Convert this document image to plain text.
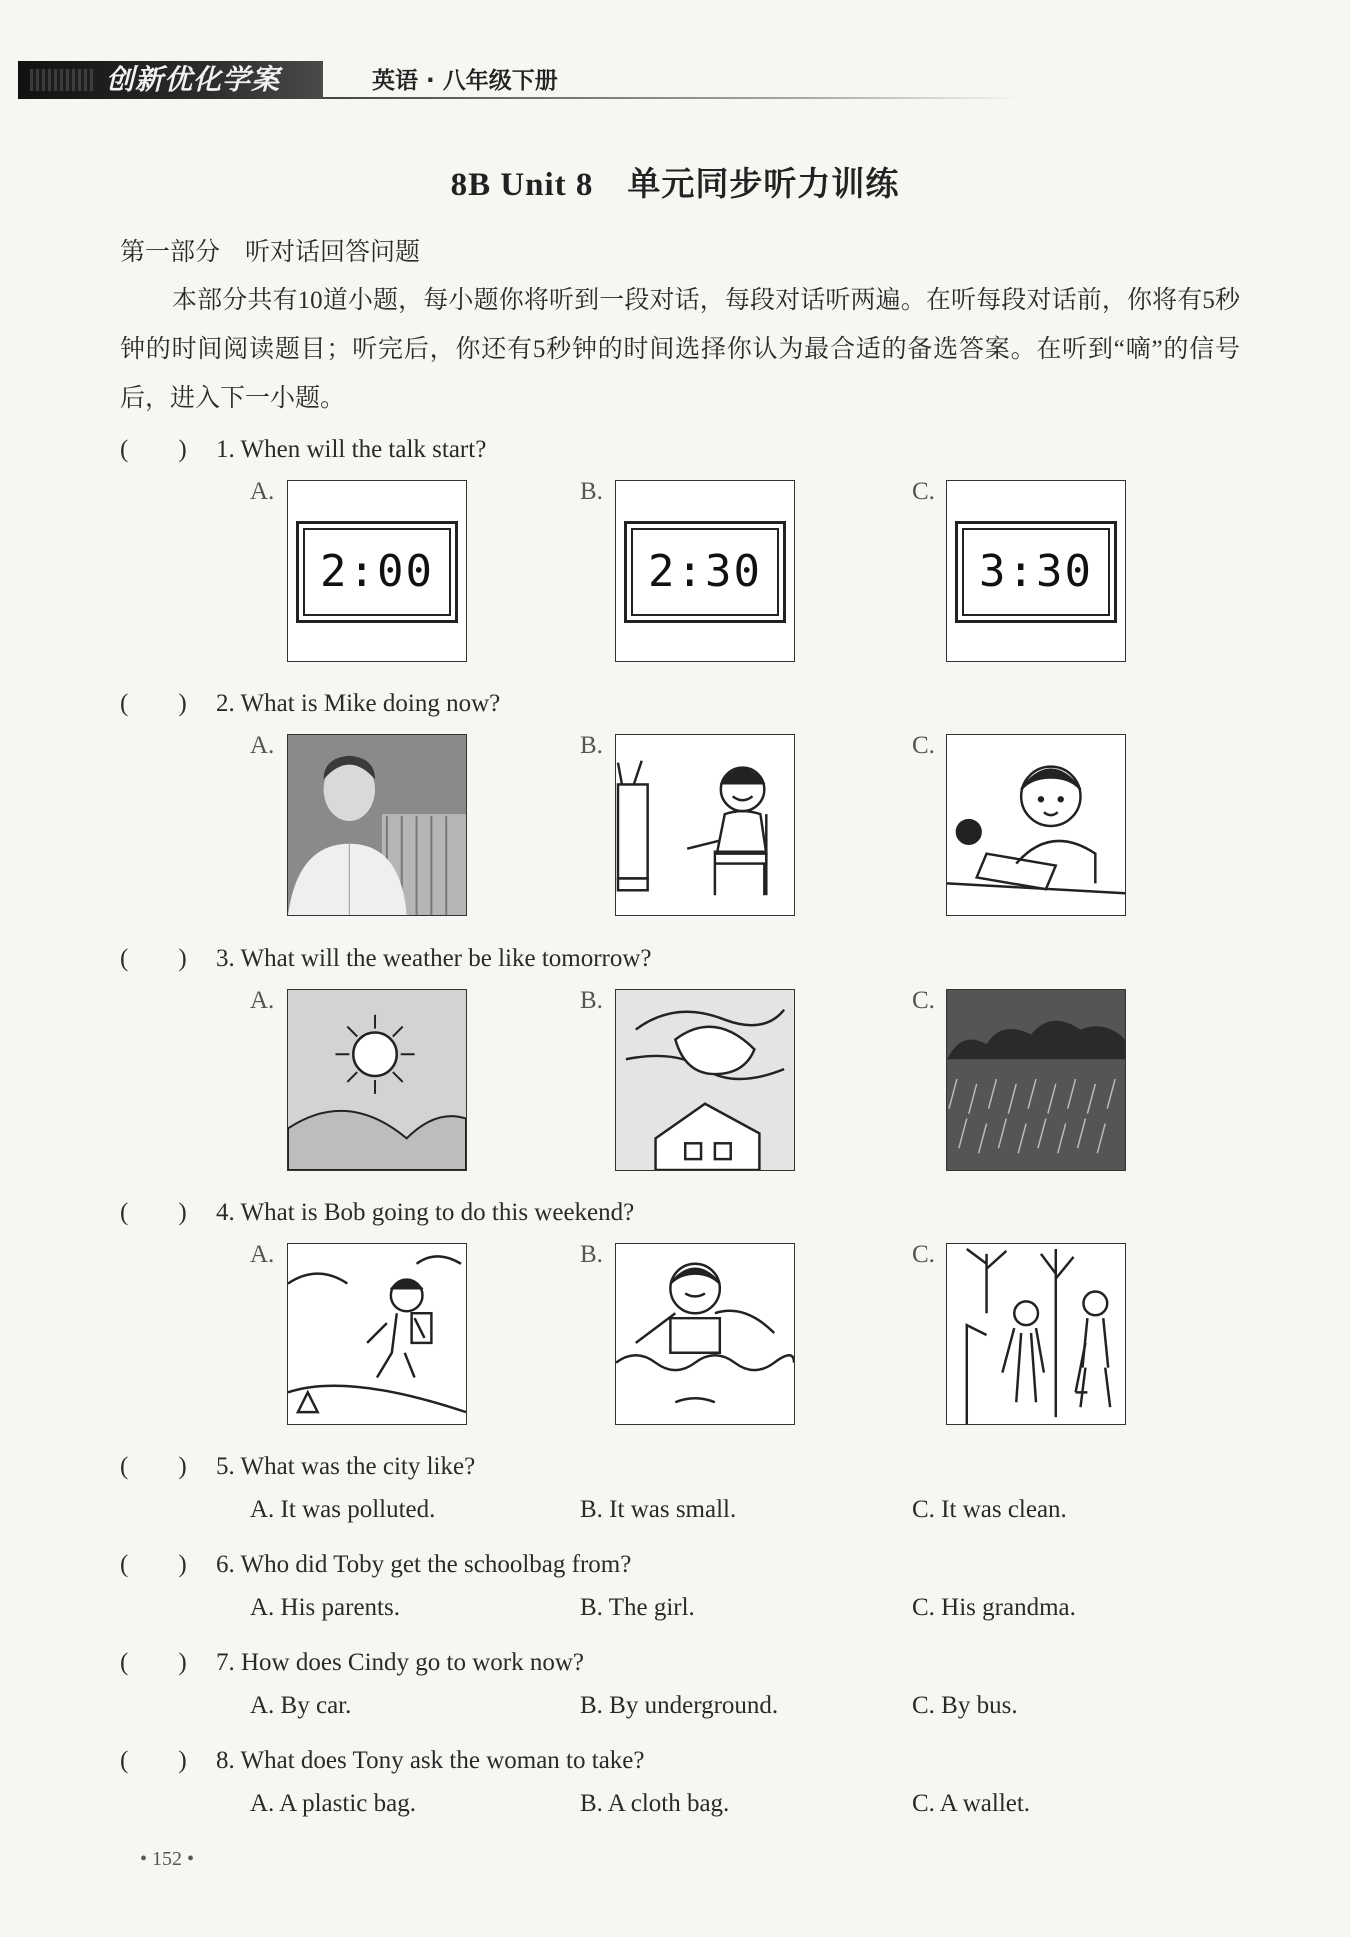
创新优化学案	英语 · 八年级下册
8B Unit 8　单元同步听力训练
第一部分　听对话回答问题
本部分共有10道小题，每小题你将听到一段对话，每段对话听两遍。在听每段对话前，你将有5秒钟的时间阅读题目；听完后，你还有5秒钟的时间选择你认为最合适的备选答案。在听到“嘀”的信号后，进入下一小题。
(　　) 1. When will the talk start?
A.	B.	C.
2:00	2:30	3:30
(　　) 2. What is Mike doing now?
A.	B.	C.
(　　) 3. What will the weather be like tomorrow?
A.	B.	C.
(　　) 4. What is Bob going to do this weekend?
A.	B.	C.
(　　) 5. What was the city like?
A. It was polluted.	B. It was small.	C. It was clean.
(　　) 6. Who did Toby get the schoolbag from?
A. His parents.	B. The girl.	C. His grandma.
(　　) 7. How does Cindy go to work now?
A. By car.	B. By underground.	C. By bus.
(　　) 8. What does Tony ask the woman to take?
A. A plastic bag.	B. A cloth bag.	C. A wallet.
• 152 •
